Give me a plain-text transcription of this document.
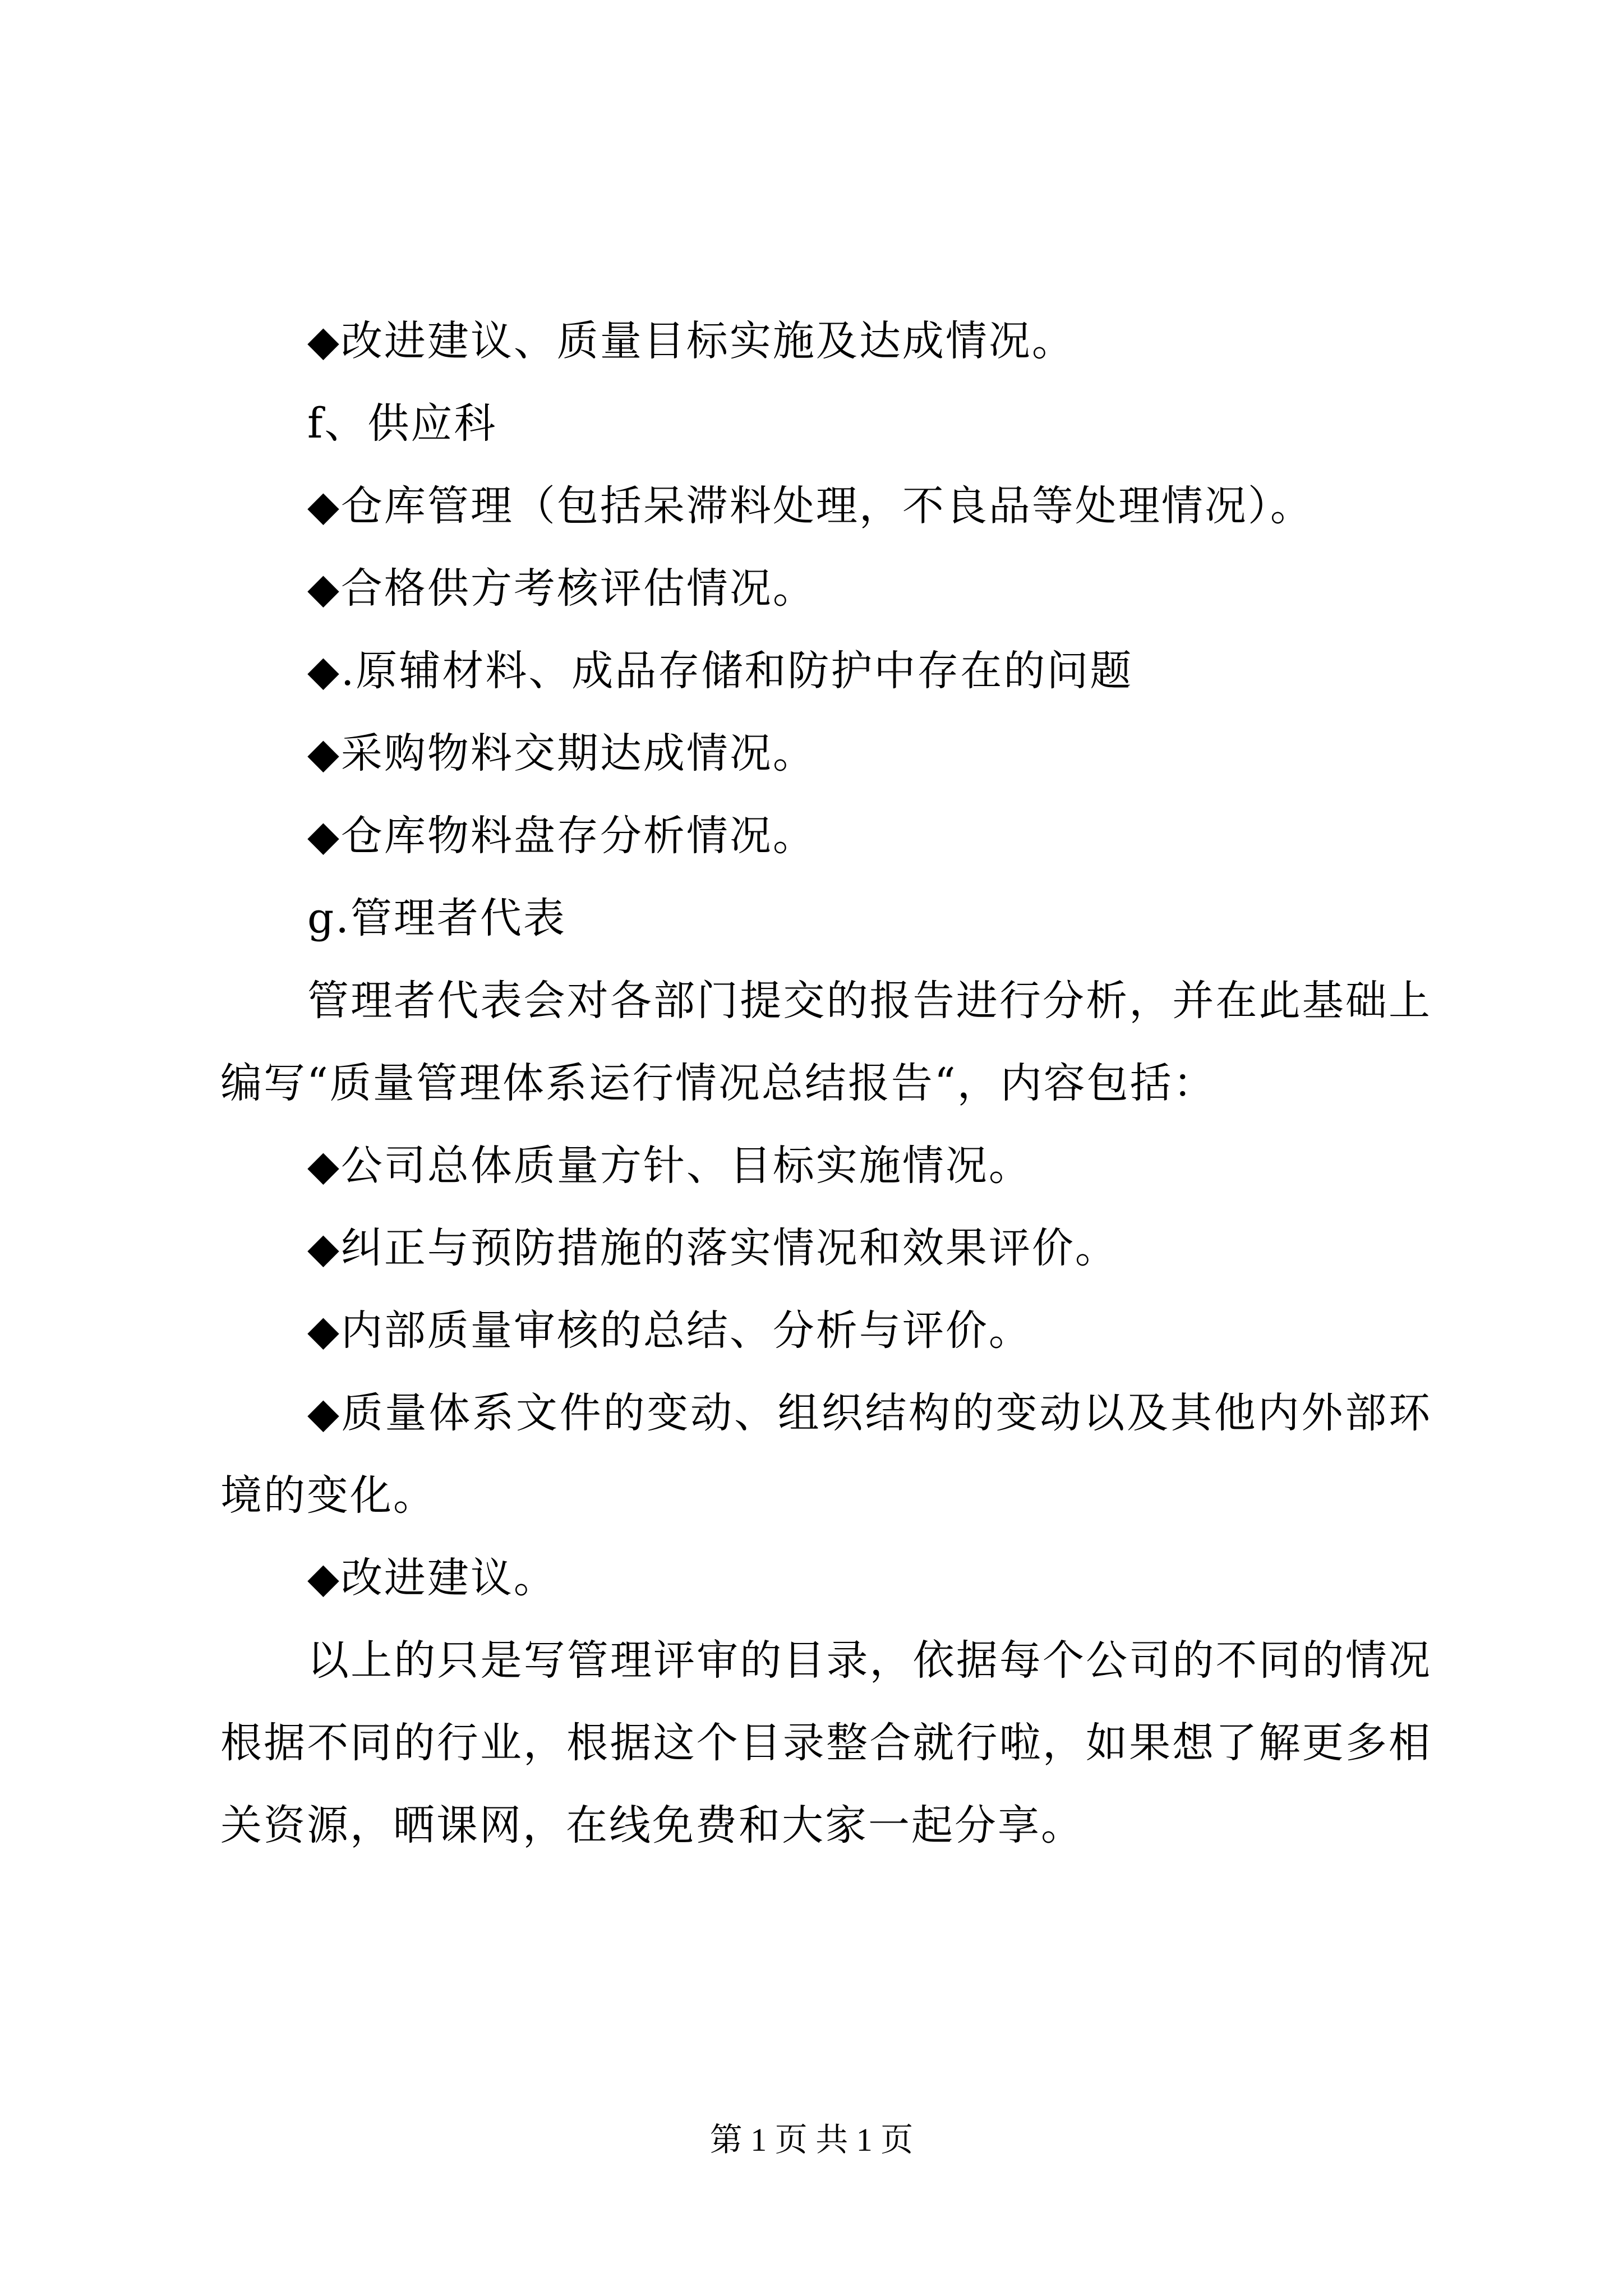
◆改进建议、质量目标实施及达成情况。

f、供应科

◆仓库管理（包括呆滞料处理，不良品等处理情况）。

◆合格供方考核评估情况。

◆.原辅材料、成品存储和防护中存在的问题

◆采购物料交期达成情况。

◆仓库物料盘存分析情况。

g.管理者代表

管理者代表会对各部门提交的报告进行分析，并在此基础上编写“质量管理体系运行情况总结报告“，内容包括：

◆公司总体质量方针、目标实施情况。

◆纠正与预防措施的落实情况和效果评价。

◆内部质量审核的总结、分析与评价。

◆质量体系文件的变动、组织结构的变动以及其他内外部环境的变化。

◆改进建议。

以上的只是写管理评审的目录，依据每个公司的不同的情况根据不同的行业，根据这个目录整合就行啦，如果想了解更多相关资源，晒课网，在线免费和大家一起分享。

第 1 页 共 1 页
